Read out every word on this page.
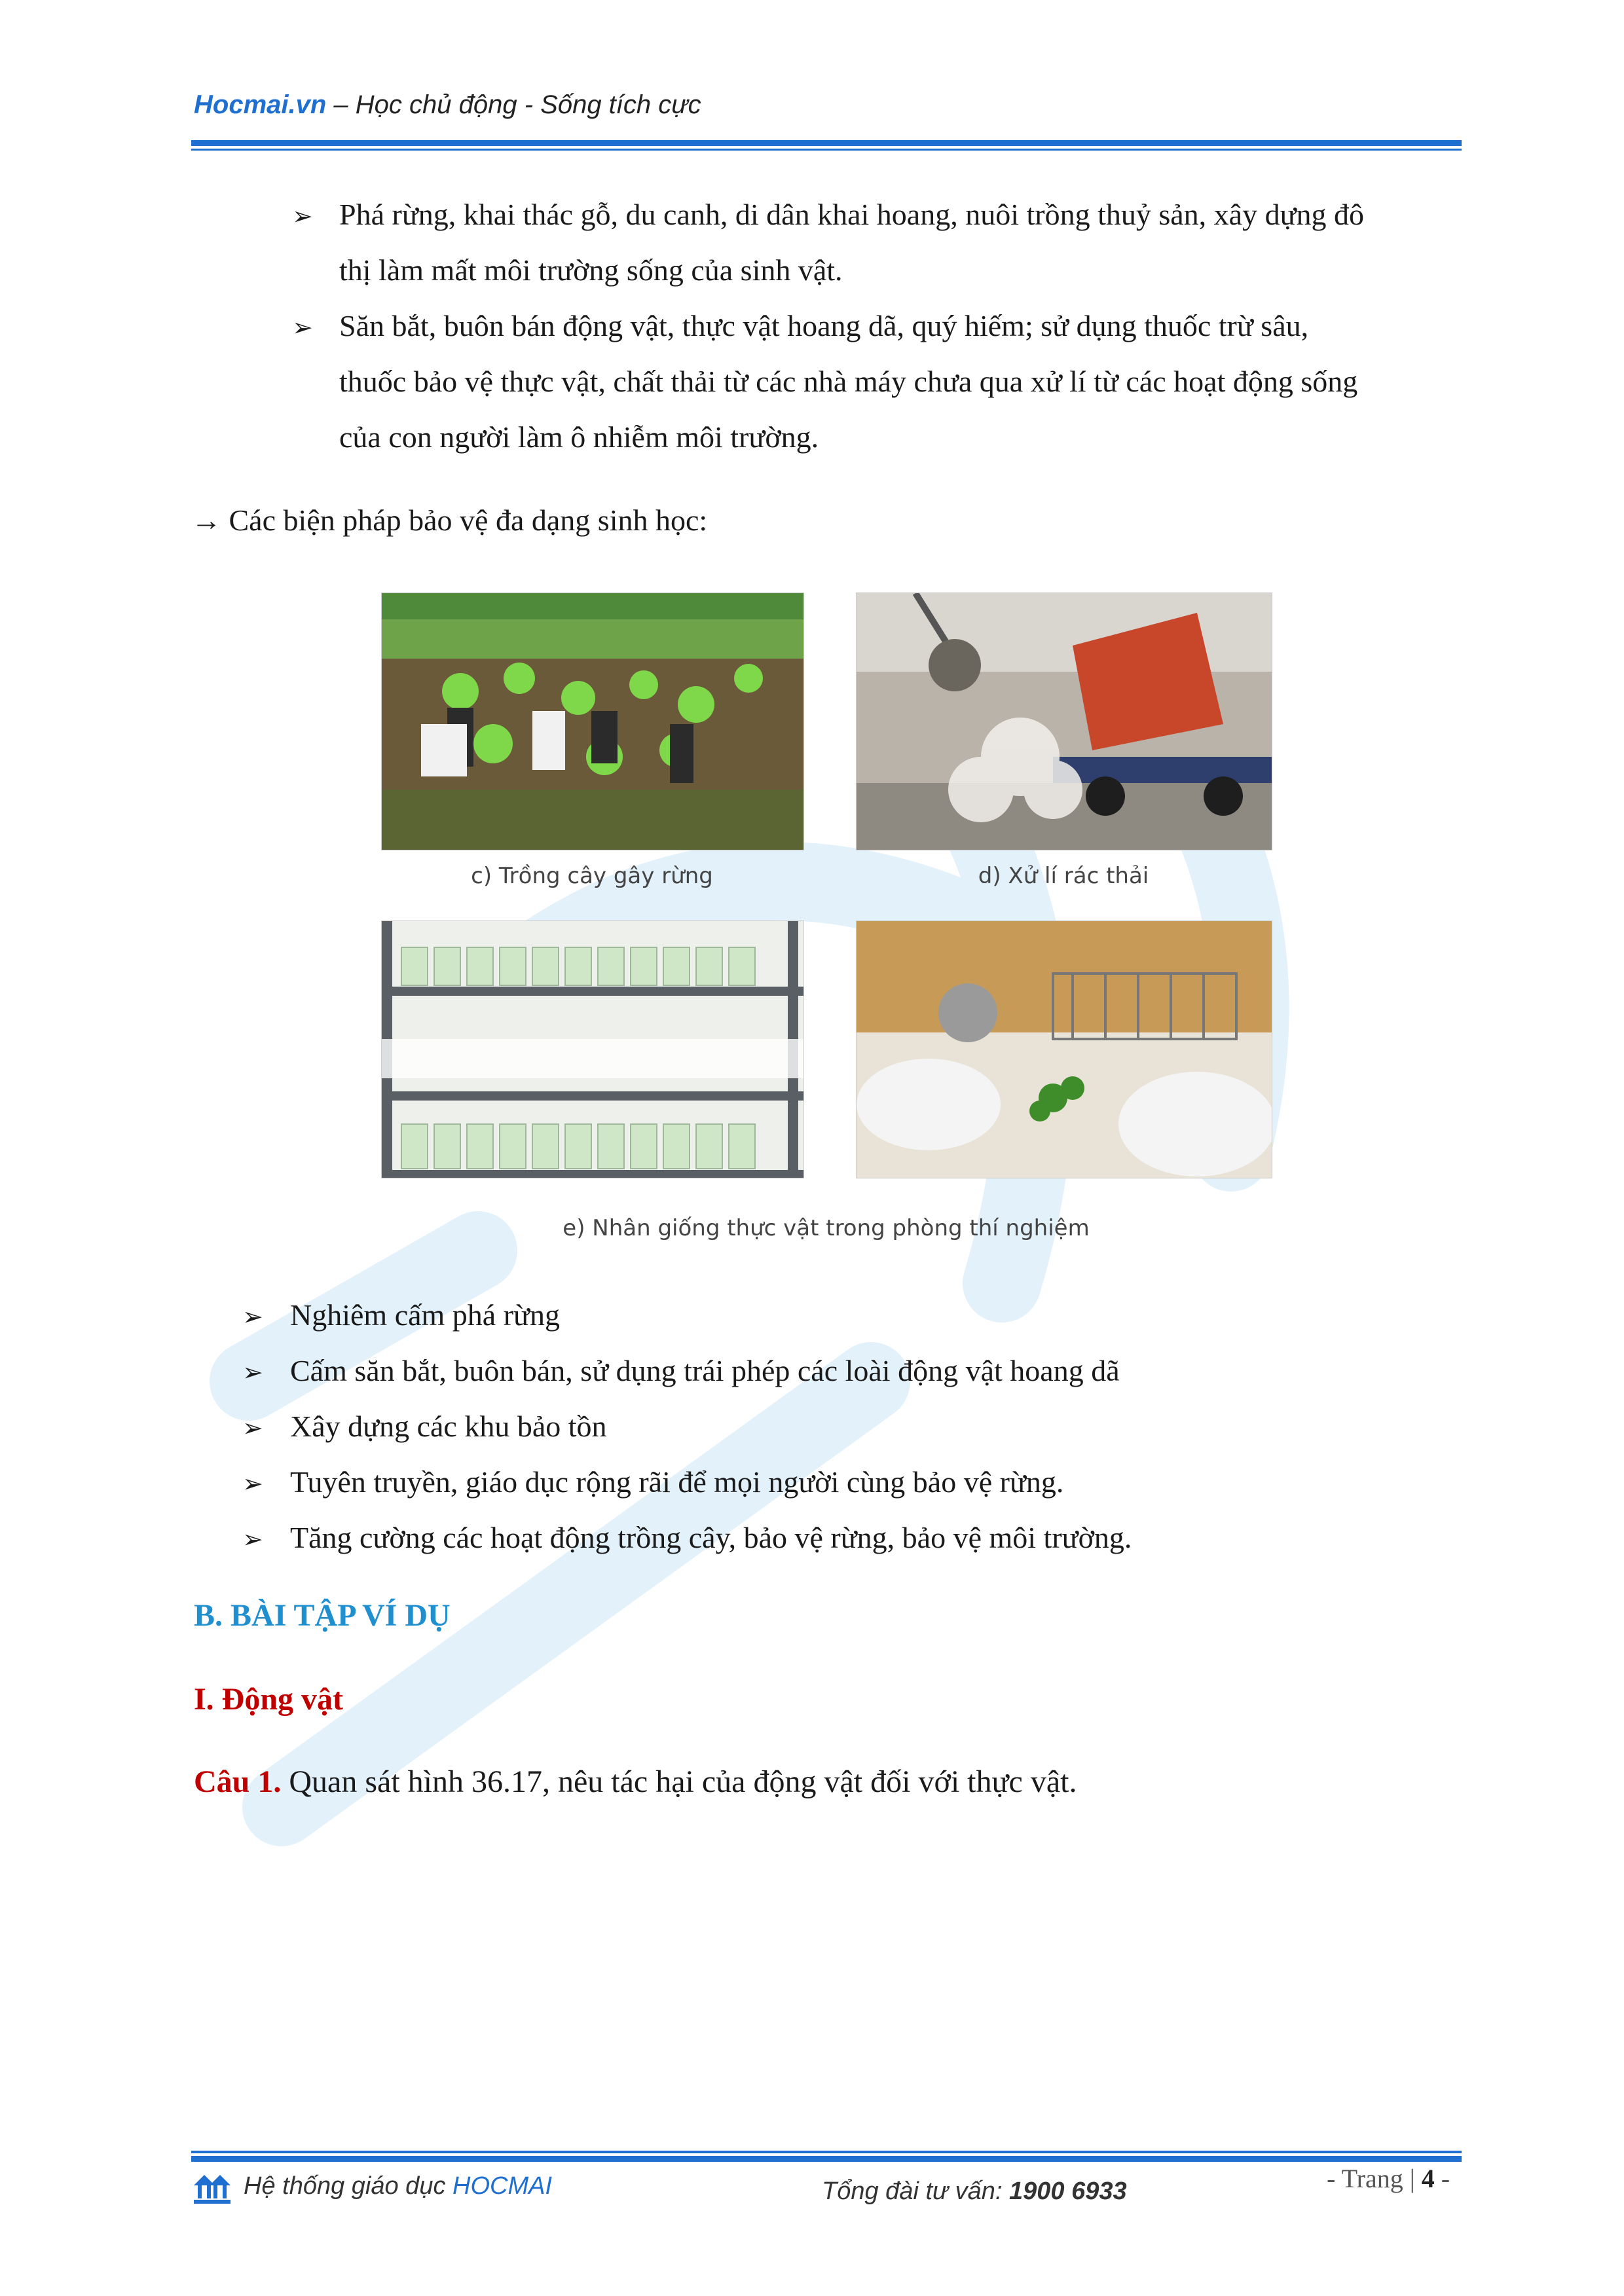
Hocmai.vn – Học chủ động - Sống tích cực
➢ Phá rừng, khai thác gỗ, du canh, di dân khai hoang, nuôi trồng thuỷ sản, xây dựng đô
thị làm mất môi trường sống của sinh vật.
➢ Săn bắt, buôn bán động vật, thực vật hoang dã, quý hiếm; sử dụng thuốc trừ sâu,
thuốc bảo vệ thực vật, chất thải từ các nhà máy chưa qua xử lí từ các hoạt động sống
của con người làm ô nhiễm môi trường.
→ Các biện pháp bảo vệ đa dạng sinh học:
c) Trồng cây gây rừng	d) Xử lí rác thải
e) Nhân giống thực vật trong phòng thí nghiệm
➢ Nghiêm cấm phá rừng
➢ Cấm săn bắt, buôn bán, sử dụng trái phép các loài động vật hoang dã
➢ Xây dựng các khu bảo tồn
➢ Tuyên truyền, giáo dục rộng rãi để mọi người cùng bảo vệ rừng.
➢ Tăng cường các hoạt động trồng cây, bảo vệ rừng, bảo vệ môi trường.
B. BÀI TẬP VÍ DỤ
I. Động vật
Câu 1. Quan sát hình 36.17, nêu tác hại của động vật đối với thực vật.
Hệ thống giáo dục HOCMAI	Tổng đài tư vấn: 1900 6933	- Trang | 4 -
